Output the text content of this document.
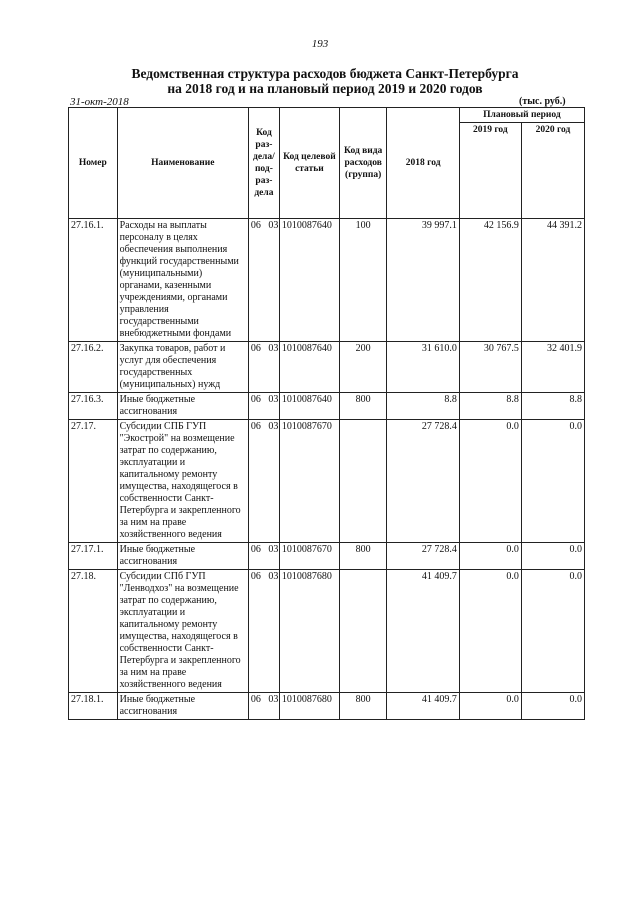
193
Ведомственная структура расходов бюджета Санкт-Петербурга
на 2018 год и на плановый период 2019 и 2020 годов
31-окт-2018	(тыс. руб.)
Номер	Наименование	Код раз-дела/ под-раз-дела	Код целевой статьи	Код вида расходов (группа)	2018 год	Плановый период	
						2019 год	2020 год
27.16.1.	Расходы на выплаты персоналу в целях обеспечения выполнения функций государственными (муниципальными) органами, казенными учреждениями, органами управления государственными внебюджетными фондами	06 03	1010087640	100	39 997.1	42 156.9	44 391.2
27.16.2.	Закупка товаров, работ и услуг для обеспечения государственных (муниципальных) нужд	06 03	1010087640	200	31 610.0	30 767.5	32 401.9
27.16.3.	Иные бюджетные ассигнования	06 03	1010087640	800	8.8	8.8	8.8
27.17.	Субсидии СПБ ГУП "Экострой" на возмещение затрат по содержанию, эксплуатации и капитальному ремонту имущества, находящегося в собственности Санкт-Петербурга и закрепленного за ним на праве хозяйственного ведения	06 03	1010087670		27 728.4	0.0	0.0
27.17.1.	Иные бюджетные ассигнования	06 03	1010087670	800	27 728.4	0.0	0.0
27.18.	Субсидии СПб ГУП "Ленводхоз" на возмещение затрат по содержанию, эксплуатации и капитальному ремонту имущества, находящегося в собственности Санкт-Петербурга и закрепленного за ним на праве хозяйственного ведения	06 03	1010087680		41 409.7	0.0	0.0
27.18.1.	Иные бюджетные ассигнования	06 03	1010087680	800	41 409.7	0.0	0.0
